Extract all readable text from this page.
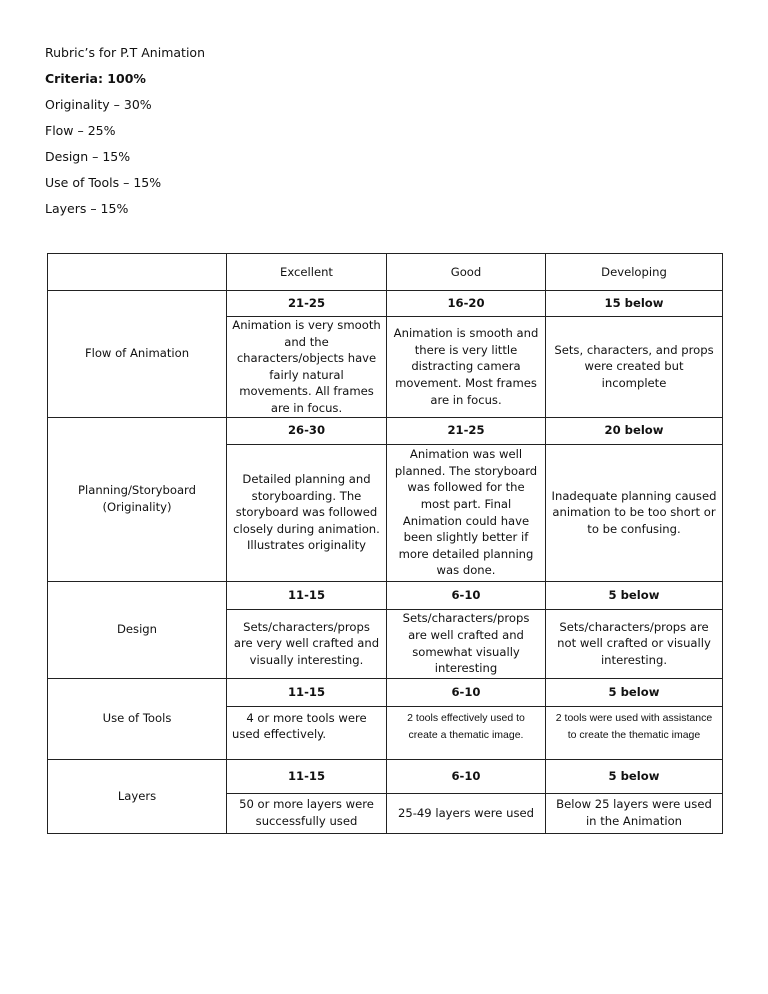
Rubric’s for P.T Animation

Criteria: 100%

Originality – 30%

Flow – 25%

Design – 15%

Use of Tools – 15%

Layers – 15%

	Excellent	Good	Developing
Flow of Animation	21-25	16-20	15 below
	Animation is very smooth and the characters/objects have fairly natural movements. All frames are in focus.	Animation is smooth and there is very little distracting camera movement. Most frames are in focus.	Sets, characters, and props were created but incomplete
Planning/Storyboard (Originality)	26-30	21-25	20 below
	Detailed planning and storyboarding. The storyboard was followed closely during animation. Illustrates originality	Animation was well planned. The storyboard was followed for the most part. Final Animation could have been slightly better if more detailed planning was done.	Inadequate planning caused animation to be too short or to be confusing.
Design	11-15	6-10	5 below
	Sets/characters/props are very well crafted and visually interesting.	Sets/characters/props are well crafted and somewhat visually interesting	Sets/characters/props are not well crafted or visually interesting.
Use of Tools	11-15	6-10	5 below
	4 or more tools were used effectively.	2 tools effectively used to create a thematic image.	2 tools were used with assistance to create the thematic image
Layers	11-15	6-10	5 below
	50 or more layers were successfully used	25-49 layers were used	Below 25 layers were used in the Animation
